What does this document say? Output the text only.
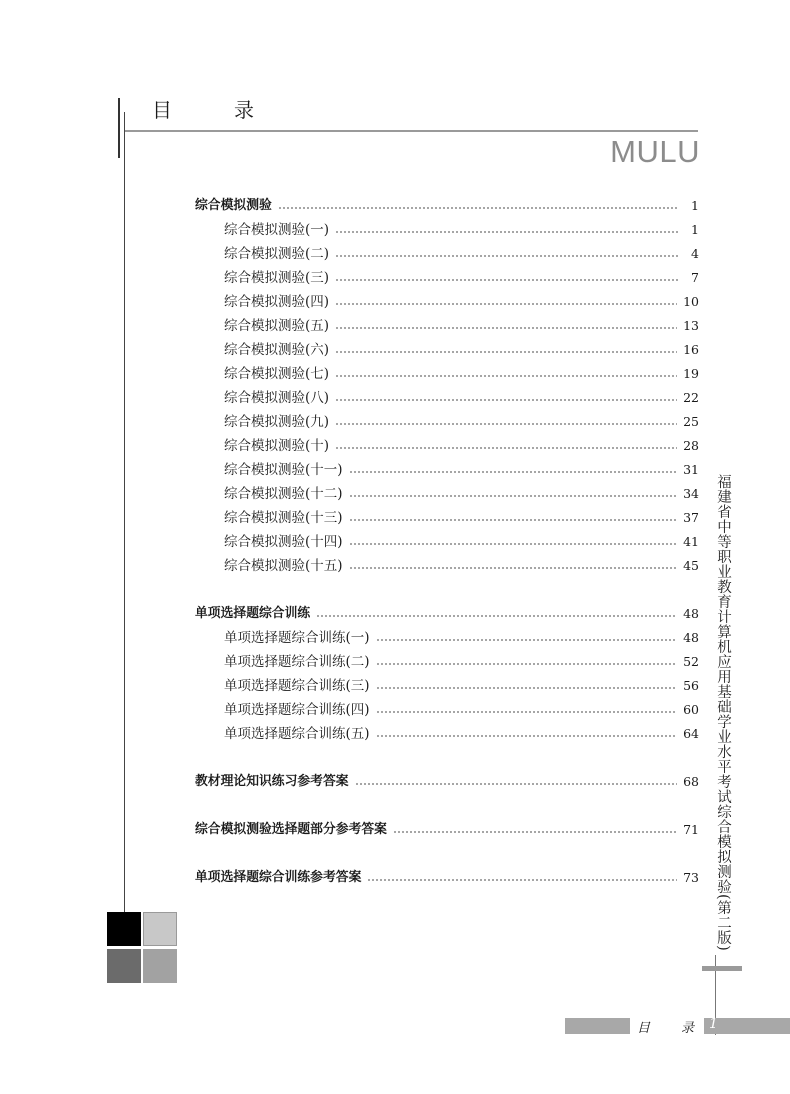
目	录
MULU
综合模拟测验	1
综合模拟测验(一)	1
综合模拟测验(二)	4
综合模拟测验(三)	7
综合模拟测验(四)	10
综合模拟测验(五)	13
综合模拟测验(六)	16
综合模拟测验(七)	19
综合模拟测验(八)	22
综合模拟测验(九)	25
综合模拟测验(十)	28
综合模拟测验(十一)	31
综合模拟测验(十二)	34
综合模拟测验(十三)	37
综合模拟测验(十四)	41
综合模拟测验(十五)	45
单项选择题综合训练	48
单项选择题综合训练(一)	48
单项选择题综合训练(二)	52
单项选择题综合训练(三)	56
单项选择题综合训练(四)	60
单项选择题综合训练(五)	64
教材理论知识练习参考答案	68
综合模拟测验选择题部分参考答案	71
单项选择题综合训练参考答案	73 福建省中等职业教育计算机应用基础学业水平考试综合模拟测验(第二版)
目 录 1
